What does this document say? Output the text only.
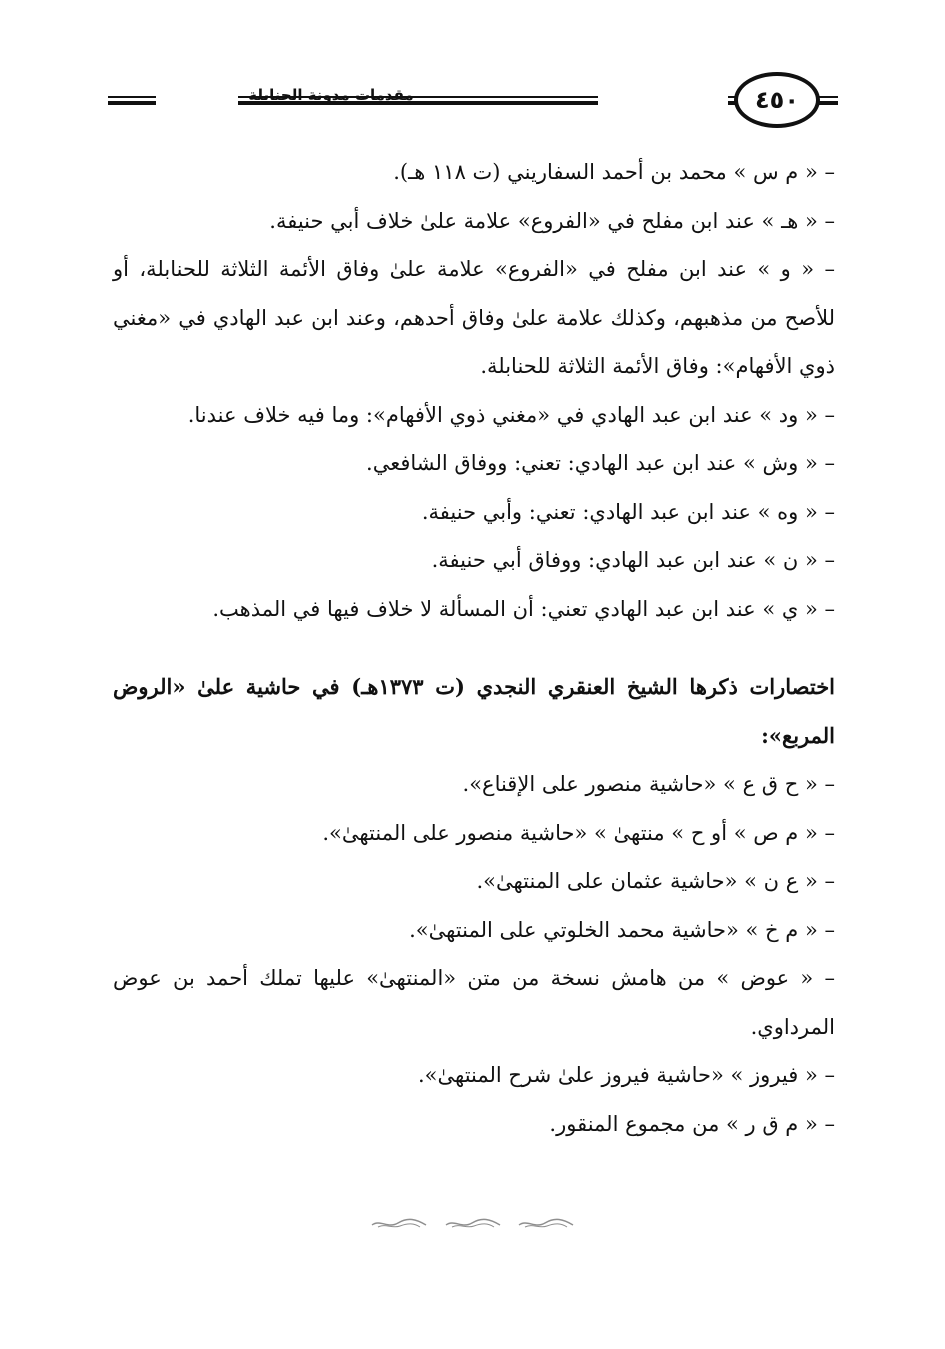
٤٥٠
مقدمات مدونة الحنابلة

– « م س » محمد بن أحمد السفاريني (ت ١١٨ هـ).

– « هـ » عند ابن مفلح في «الفروع» علامة علىٰ خلاف أبي حنيفة.

– « و » عند ابن مفلح في «الفروع» علامة علىٰ وفاق الأئمة الثلاثة للحنابلة، أو للأصح من مذهبهم، وكذلك علامة علىٰ وفاق أحدهم، وعند ابن عبد الهادي في «مغني ذوي الأفهام»: وفاق الأئمة الثلاثة للحنابلة.

– « ود » عند ابن عبد الهادي في «مغني ذوي الأفهام»: وما فيه خلاف عندنا.

– « وش » عند ابن عبد الهادي: تعني: ووفاق الشافعي.

– « وه » عند ابن عبد الهادي: تعني: وأبي حنيفة.

– « ن » عند ابن عبد الهادي: ووفاق أبي حنيفة.

– « ي » عند ابن عبد الهادي تعني: أن المسألة لا خلاف فيها في المذهب.

اختصارات ذكرها الشيخ العنقري النجدي (ت ١٣٧٣هـ) في حاشية علىٰ «الروض المربع»:

– « ح ق ع » «حاشية منصور على الإقناع».

– « م ص » أو ح » منتهىٰ » «حاشية منصور على المنتهىٰ».

– « ع ن » «حاشية عثمان على المنتهىٰ».

– « م خ » «حاشية محمد الخلوتي على المنتهىٰ».

– « عوض » من هامش نسخة من متن «المنتهىٰ» عليها تملك أحمد بن عوض المرداوي.

– « فيروز » «حاشية فيروز علىٰ شرح المنتهىٰ».

– « م ق ر » من مجموع المنقور.
